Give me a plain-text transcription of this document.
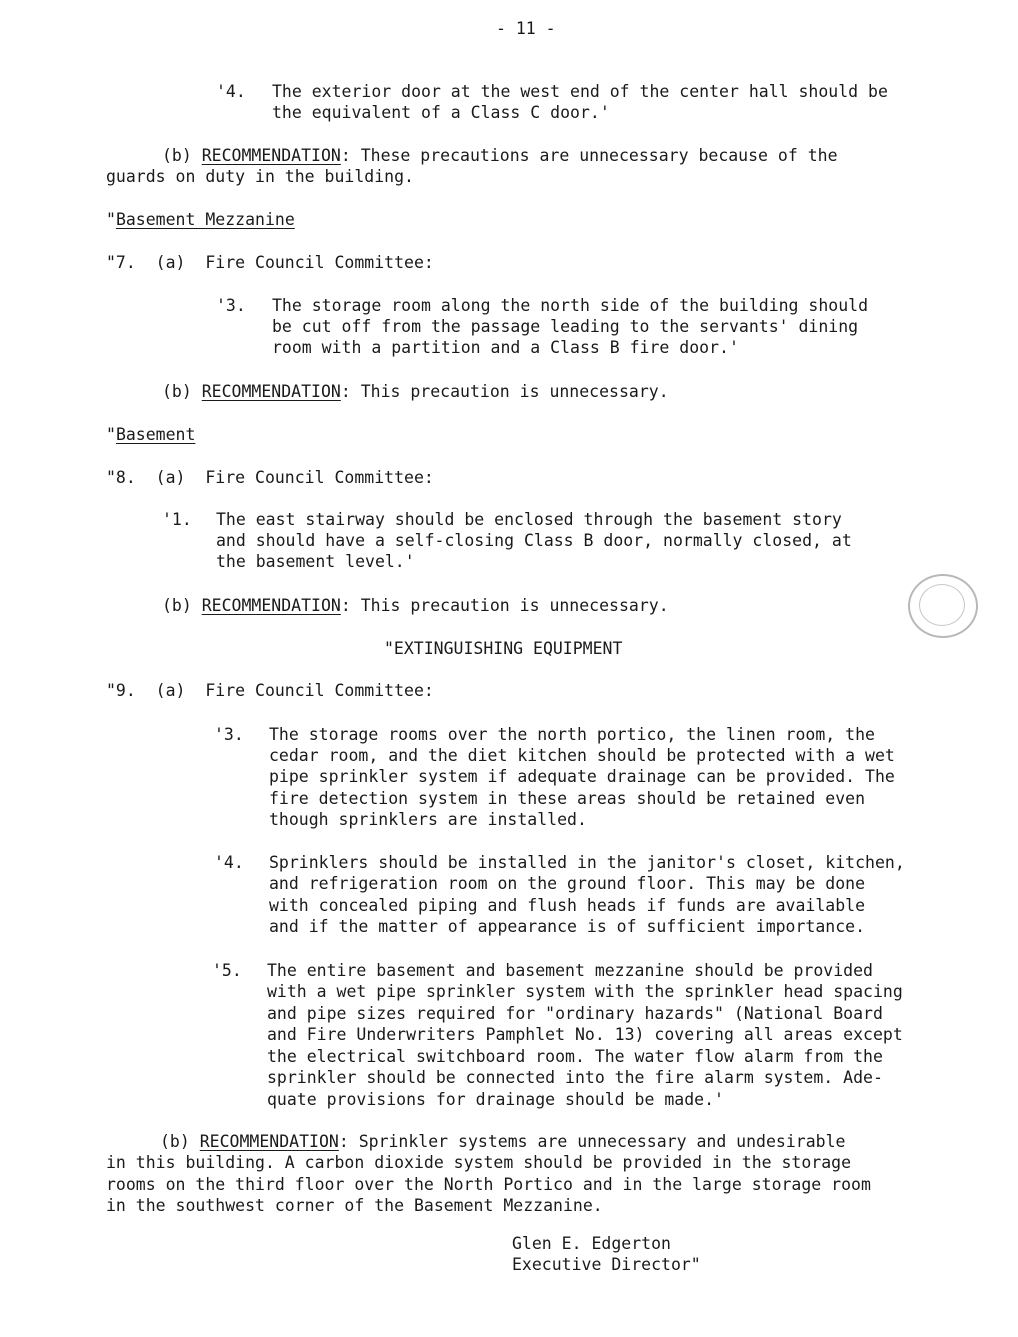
- 11 -
'4. The exterior door at the west end of the center hall should be
the equivalent of a Class C door.'
(b) RECOMMENDATION: These precautions are unnecessary because of the
guards on duty in the building.
"Basement Mezzanine
"7.  (a)  Fire Council Committee:
'3. The storage room along the north side of the building should
be cut off from the passage leading to the servants' dining
room with a partition and a Class B fire door.'
(b) RECOMMENDATION: This precaution is unnecessary.
"Basement
"8.  (a)  Fire Council Committee:
'1. The east stairway should be enclosed through the basement story
and should have a self-closing Class B door, normally closed, at
the basement level.'
(b) RECOMMENDATION: This precaution is unnecessary.
"EXTINGUISHING EQUIPMENT
"9.  (a)  Fire Council Committee:
'3. The storage rooms over the north portico, the linen room, the
cedar room, and the diet kitchen should be protected with a wet
pipe sprinkler system if adequate drainage can be provided. The
fire detection system in these areas should be retained even
though sprinklers are installed.
'4. Sprinklers should be installed in the janitor's closet, kitchen,
and refrigeration room on the ground floor. This may be done
with concealed piping and flush heads if funds are available
and if the matter of appearance is of sufficient importance.
'5. The entire basement and basement mezzanine should be provided
with a wet pipe sprinkler system with the sprinkler head spacing
and pipe sizes required for "ordinary hazards" (National Board
and Fire Underwriters Pamphlet No. 13) covering all areas except
the electrical switchboard room. The water flow alarm from the
sprinkler should be connected into the fire alarm system. Ade-
quate provisions for drainage should be made.'
(b) RECOMMENDATION: Sprinkler systems are unnecessary and undesirable
in this building. A carbon dioxide system should be provided in the storage
rooms on the third floor over the North Portico and in the large storage room
in the southwest corner of the Basement Mezzanine.
Glen E. Edgerton
Executive Director"
